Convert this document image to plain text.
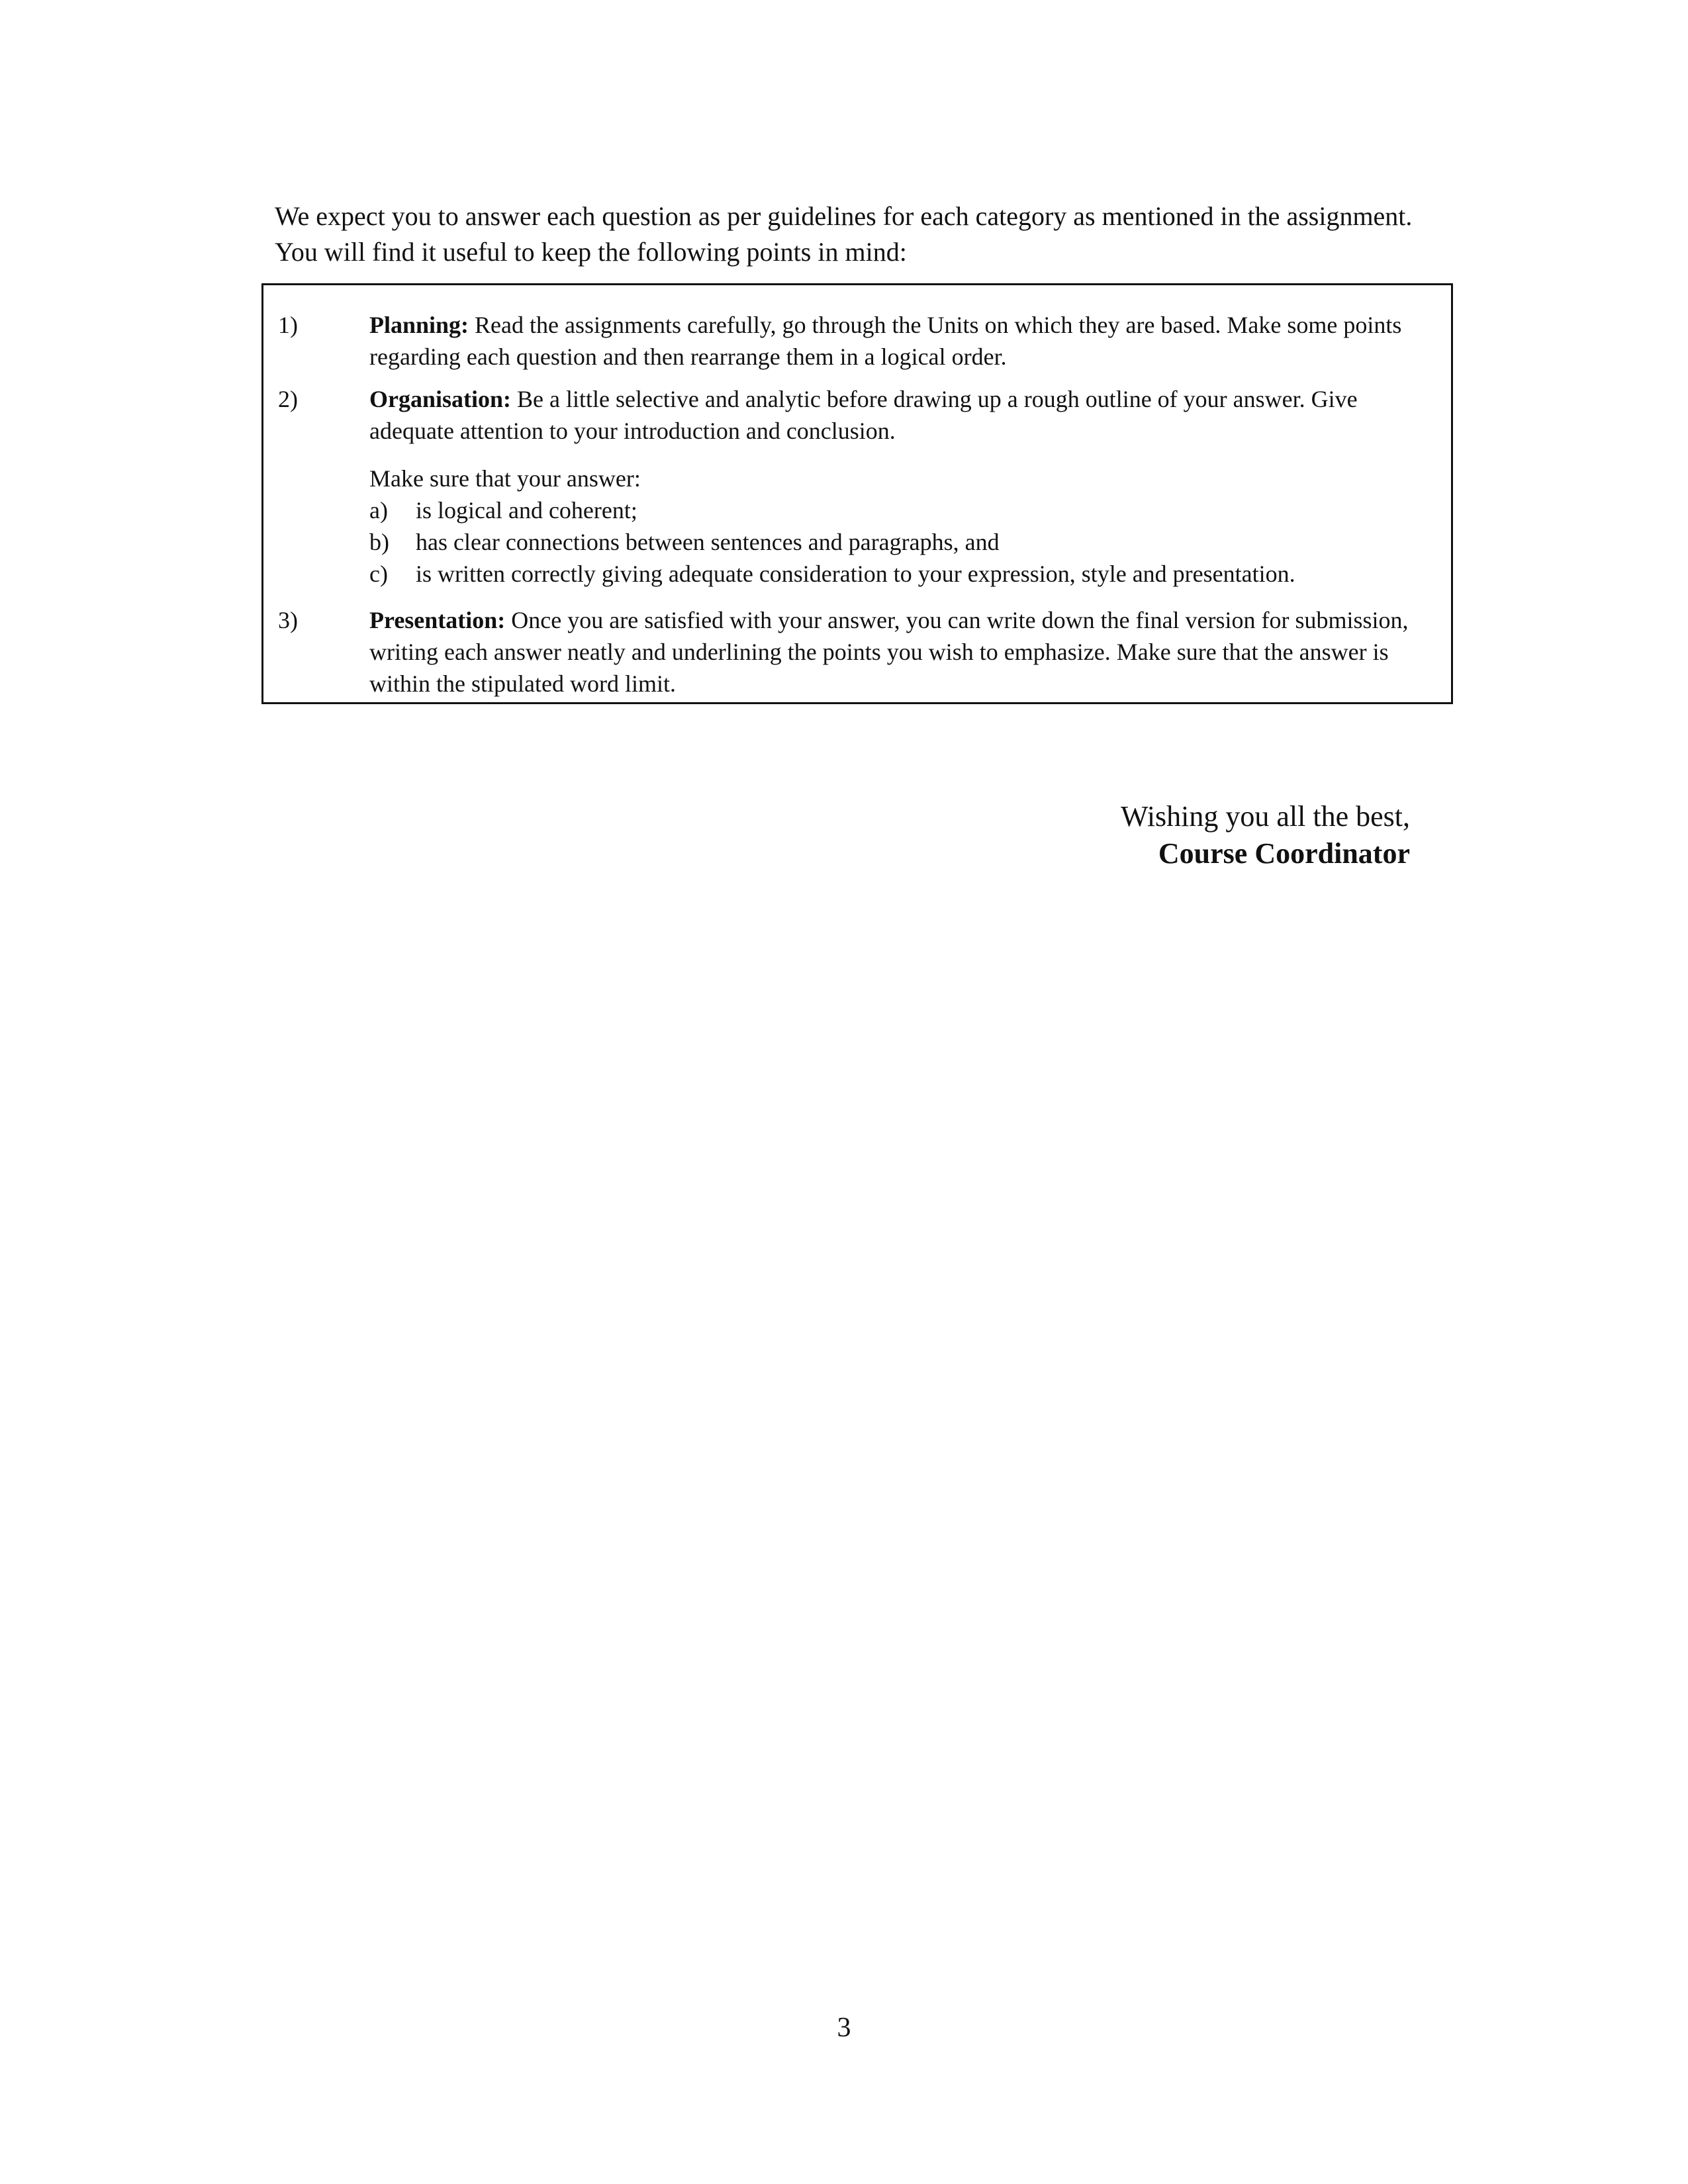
We expect you to answer each question as per guidelines for each category as mentioned in the assignment. You will find it useful to keep the following points in mind:

1)	Planning: Read the assignments carefully, go through the Units on which they are based. Make some points regarding each question and then rearrange them in a logical order.
2)	Organisation: Be a little selective and analytic before drawing up a rough outline of your answer. Give adequate attention to your introduction and conclusion.
Make sure that your answer:
a)	is logical and coherent;
b)	has clear connections between sentences and paragraphs, and
c)	is written correctly giving adequate consideration to your expression, style and presentation.
3)	Presentation: Once you are satisfied with your answer, you can write down the final version for submission, writing each answer neatly and underlining the points you wish to emphasize. Make sure that the answer is within the stipulated word limit.
Wishing you all the best,
Course Coordinator
3
